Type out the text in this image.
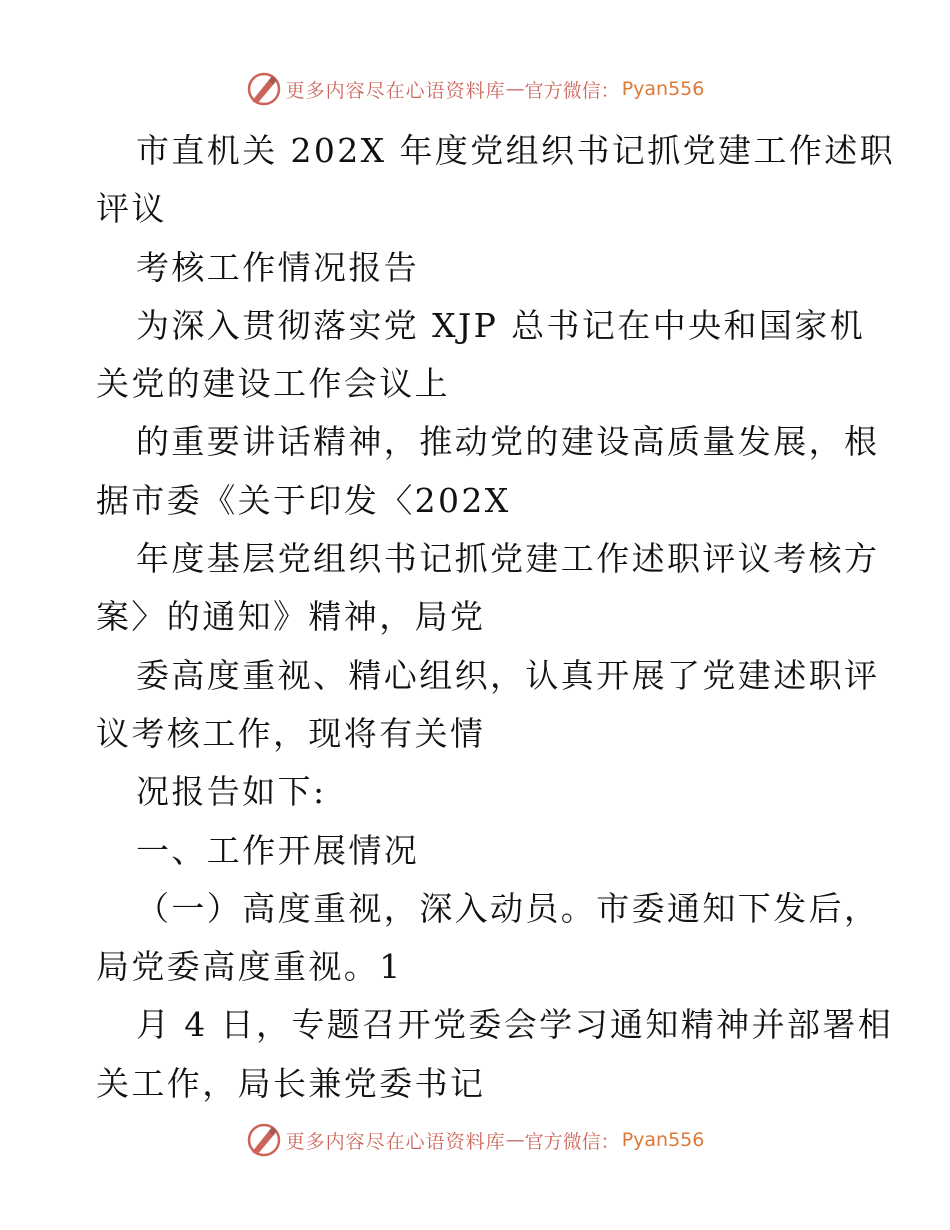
更多内容尽在心语资料库 — 官方微信： Pyan556
市直机关 202X 年度党组织书记抓党建工作述职
评议
考核工作情况报告
为深入贯彻落实党 XJP 总书记在中央和国家机
关党的建设工作会议上
的重要讲话精神，推动党的建设高质量发展，根
据市委《关于印发〈202X
年度基层党组织书记抓党建工作述职评议考核方
案〉的通知》精神，局党
委高度重视、精心组织，认真开展了党建述职评
议考核工作，现将有关情
况报告如下:
一、工作开展情况
（一）高度重视，深入动员。市委通知下发后，
局党委高度重视。1
月 4 日，专题召开党委会学习通知精神并部署相
关工作，局长兼党委书记
更多内容尽在心语资料库 — 官方微信： Pyan556
